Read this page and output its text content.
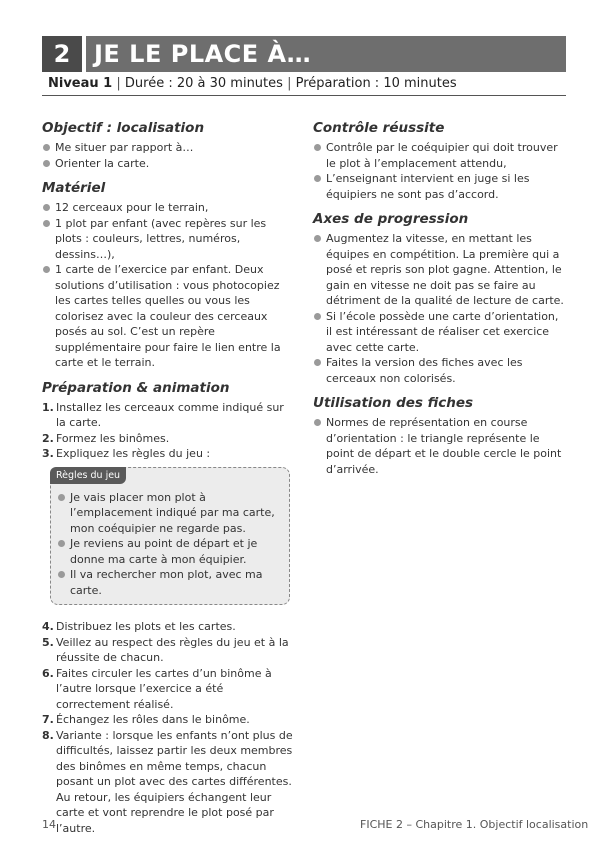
2 JE LE PLACE À…
Niveau 1 | Durée : 20 à 30 minutes | Préparation : 10 minutes
Objectif : localisation
Me situer par rapport à…
Orienter la carte.
Matériel
12 cerceaux pour le terrain,
1 plot par enfant (avec repères sur les plots : couleurs, lettres, numéros, dessins…),
1 carte de l’exercice par enfant. Deux solutions d’utilisation : vous photocopiez les cartes telles quelles ou vous les colorisez avec la couleur des cerceaux posés au sol. C’est un repère supplémentaire pour faire le lien entre la carte et le terrain.
Préparation & animation
1. Installez les cerceaux comme indiqué sur la carte.
2. Formez les binômes.
3. Expliquez les règles du jeu :
Règles du jeu
Je vais placer mon plot à l’emplacement indiqué par ma carte, mon coéquipier ne regarde pas.
Je reviens au point de départ et je donne ma carte à mon équipier.
Il va rechercher mon plot, avec ma carte.
4. Distribuez les plots et les cartes.
5. Veillez au respect des règles du jeu et à la réussite de chacun.
6. Faites circuler les cartes d’un binôme à l’autre lorsque l’exercice a été correctement réalisé.
7. Échangez les rôles dans le binôme.
8. Variante : lorsque les enfants n’ont plus de difficultés, laissez partir les deux membres des binômes en même temps, chacun posant un plot avec des cartes différentes. Au retour, les équipiers échangent leur carte et vont reprendre le plot posé par l’autre.
Contrôle réussite
Contrôle par le coéquipier qui doit trouver le plot à l’emplacement attendu,
L’enseignant intervient en juge si les équipiers ne sont pas d’accord.
Axes de progression
Augmentez la vitesse, en mettant les équipes en compétition. La première qui a posé et repris son plot gagne. Attention, le gain en vitesse ne doit pas se faire au détriment de la qualité de lecture de carte.
Si l’école possède une carte d’orientation, il est intéressant de réaliser cet exercice avec cette carte.
Faites la version des fiches avec les cerceaux non colorisés.
Utilisation des fiches
Normes de représentation en course d’orientation : le triangle représente le point de départ et le double cercle le point d’arrivée.
14	FICHE 2 – Chapitre 1. Objectif localisation
